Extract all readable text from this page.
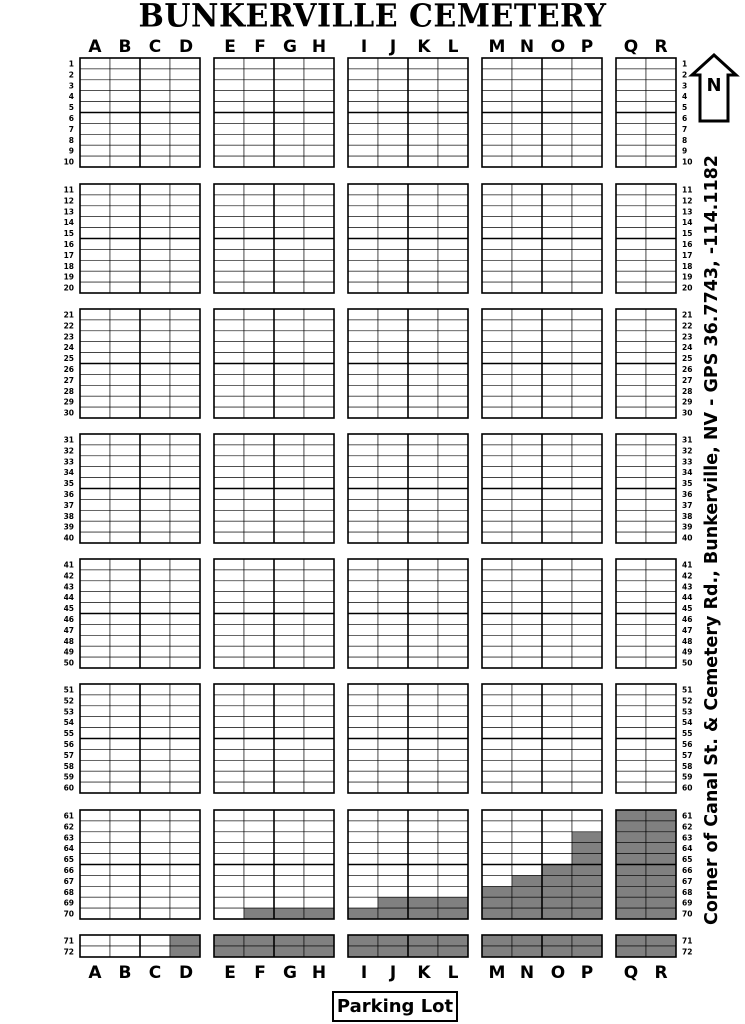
BUNKERVILLE CEMETERY
A B C D E F G H I J K L M N O P Q R
A B C D E F G H I J K L M N O P Q R
1
2
3
4
5
6
7
8
9
10
11
12
13
14
15
16
17
18
19
20
21
22
23
24
25
26
27
28
29
30
31
32
33
34
35
36
37
38
39
40
41
42
43
44
45
46
47
48
49
50
51
52
53
54
55
56
57
58
59
60
61
62
63
64
65
66
67
68
69
70
71
72
1
2
3
4
5
6
7
8
9
10
11
12
13
14
15
16
17
18
19
20
21
22
23
24
25
26
27
28
29
30
31
32
33
34
35
36
37
38
39
40
41
42
43
44
45
46
47
48
49
50
51
52
53
54
55
56
57
58
59
60
61
62
63
64
65
66
67
68
69
70
71
72
N
Corner of Canal St. & Cemetery Rd., Bunkerville, NV - GPS 36.7743, -114.1182
Parking Lot
